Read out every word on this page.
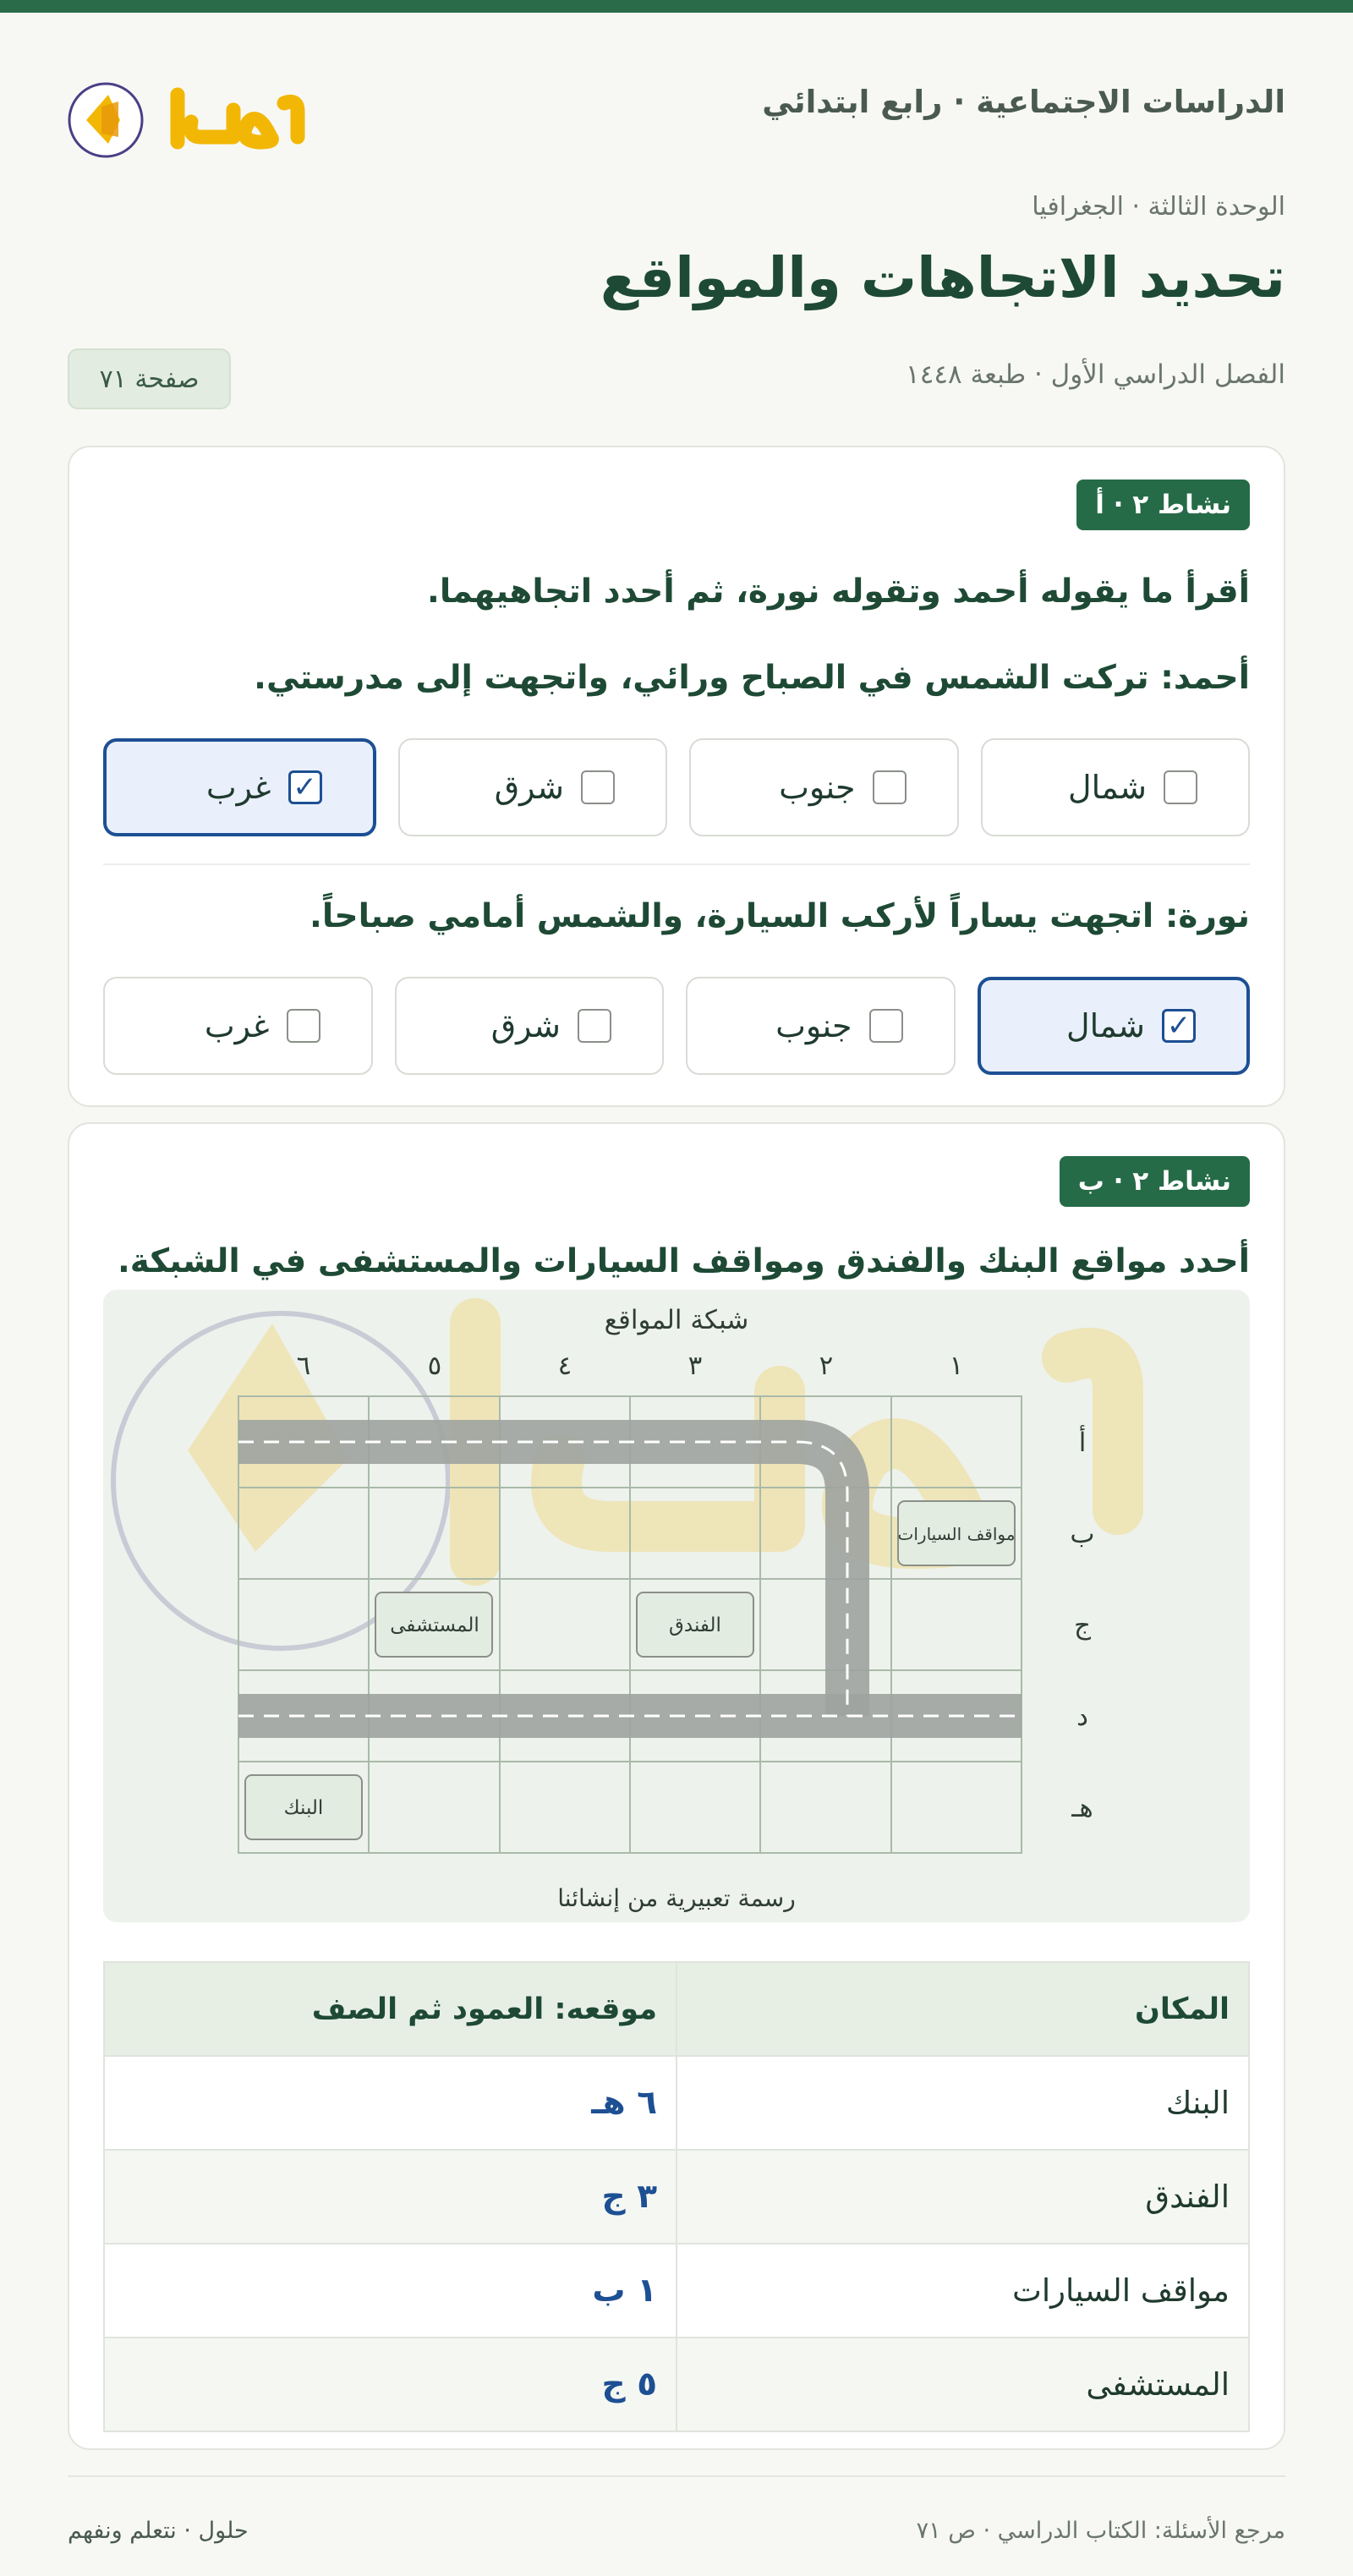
الدراسات الاجتماعية · رابع ابتدائي
الوحدة الثالثة · الجغرافيا
تحديد الاتجاهات والمواقع
الفصل الدراسي الأول · طبعة ١٤٤٨
صفحة ٧١
نشاط ٢ · أ
أقرأ ما يقوله أحمد وتقوله نورة، ثم أحدد اتجاهيهما.
أحمد: تركت الشمس في الصباح ورائي، واتجهت إلى مدرستي.
شمال
جنوب
شرق
✓
غرب
نورة: اتجهت يساراً لأركب السيارة، والشمس أمامي صباحاً.
✓
شمال
جنوب
شرق
غرب
نشاط ٢ · ب
أحدد مواقع البنك والفندق ومواقف السيارات والمستشفى في الشبكة.
شبكة المواقع
رسمة تعبيرية من إنشائنا
١
٢
٣
٤
٥
٦
أ
ب
ج
د
هـ
مواقف السيارات
الفندق
المستشفى
البنك
المكان	موقعه: العمود ثم الصف
البنك	٦ هـ
الفندق	٣ ج
مواقف السيارات	١ ب
المستشفى	٥ ج
مرجع الأسئلة: الكتاب الدراسي · ص ٧١
حلول · نتعلم ونفهم
